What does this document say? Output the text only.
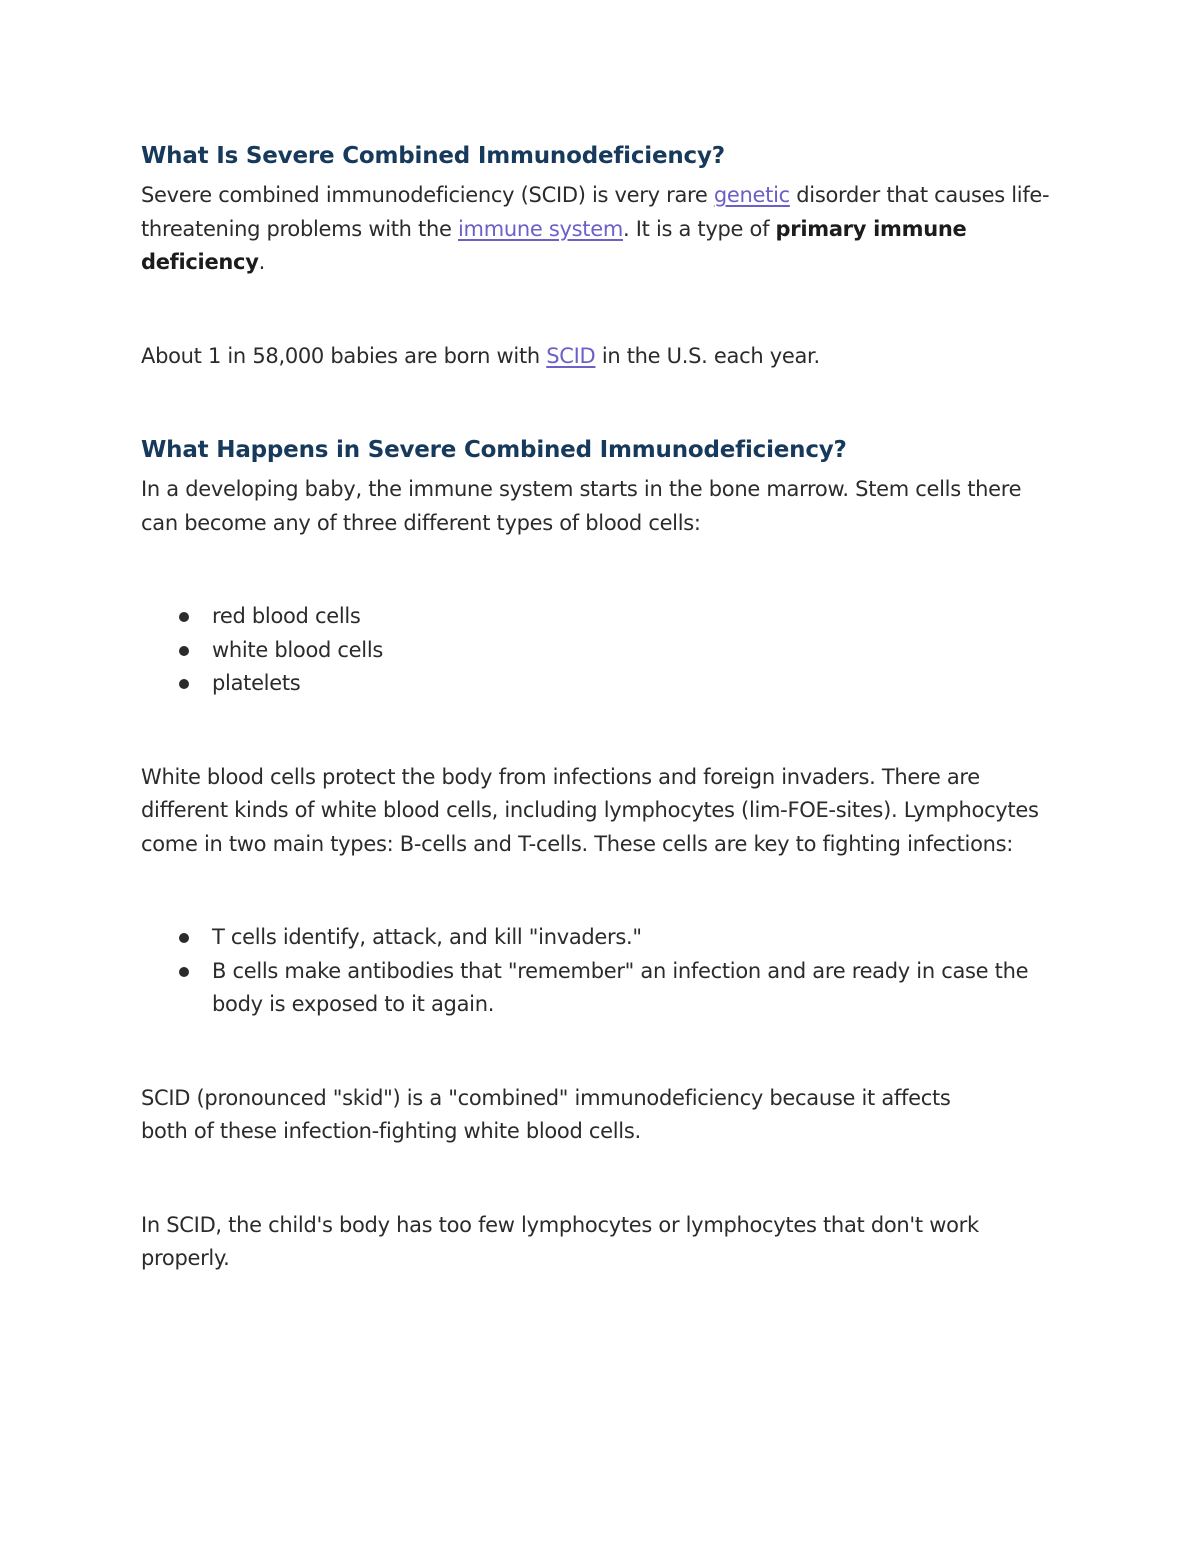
What Is Severe Combined Immunodeficiency?

Severe combined immunodeficiency (SCID) is very rare genetic disorder that causes life-threatening problems with the immune system. It is a type of primary immune deficiency.

About 1 in 58,000 babies are born with SCID in the U.S. each year.

What Happens in Severe Combined Immunodeficiency?

In a developing baby, the immune system starts in the bone marrow. Stem cells there can become any of three different types of blood cells:

red blood cells
white blood cells
platelets

White blood cells protect the body from infections and foreign invaders. There are different kinds of white blood cells, including lymphocytes (lim-FOE-sites). Lymphocytes come in two main types: B-cells and T-cells. These cells are key to fighting infections:

T cells identify, attack, and kill "invaders."
B cells make antibodies that "remember" an infection and are ready in case the body is exposed to it again.

SCID (pronounced "skid") is a "combined" immunodeficiency because it affects both of these infection-fighting white blood cells.

In SCID, the child's body has too few lymphocytes or lymphocytes that don't work properly.
